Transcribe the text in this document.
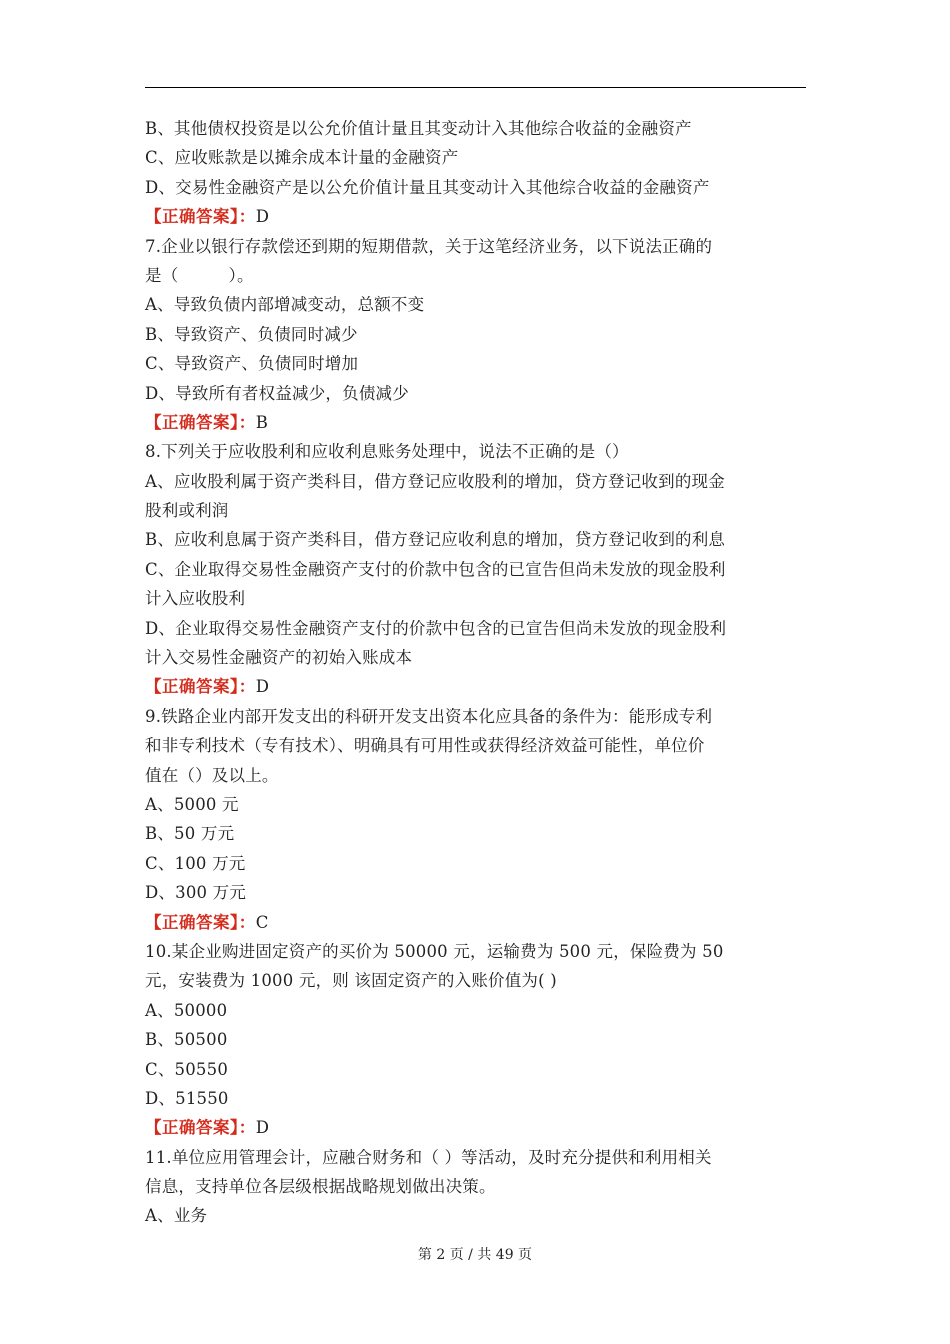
B、其他债权投资是以公允价值计量且其变动计入其他综合收益的金融资产
C、应收账款是以摊余成本计量的金融资产
D、交易性金融资产是以公允价值计量且其变动计入其他综合收益的金融资产
【正确答案】：D
7.企业以银行存款偿还到期的短期借款，关于这笔经济业务，以下说法正确的
是（　　　）。
A、导致负债内部增减变动，总额不变
B、导致资产、负债同时减少
C、导致资产、负债同时增加
D、导致所有者权益减少，负债减少
【正确答案】：B
8.下列关于应收股利和应收利息账务处理中，说法不正确的是（）
A、应收股利属于资产类科目，借方登记应收股利的增加，贷方登记收到的现金
股利或利润
B、应收利息属于资产类科目，借方登记应收利息的增加，贷方登记收到的利息
C、企业取得交易性金融资产支付的价款中包含的已宣告但尚未发放的现金股利
计入应收股利
D、企业取得交易性金融资产支付的价款中包含的已宣告但尚未发放的现金股利
计入交易性金融资产的初始入账成本
【正确答案】：D
9.铁路企业内部开发支出的科研开发支出资本化应具备的条件为：能形成专利
和非专利技术（专有技术）、明确具有可用性或获得经济效益可能性，单位价
值在（）及以上。
A、5000 元
B、50 万元
C、100 万元
D、300 万元
【正确答案】：C
10.某企业购进固定资产的买价为 50000 元，运输费为 500 元，保险费为 50
元，安装费为 1000 元，则 该固定资产的入账价值为( )
A、50000
B、50500
C、50550
D、51550
【正确答案】：D
11.单位应用管理会计，应融合财务和（ ）等活动，及时充分提供和利用相关
信息，支持单位各层级根据战略规划做出决策。
A、业务
第 2 页 / 共 49 页
